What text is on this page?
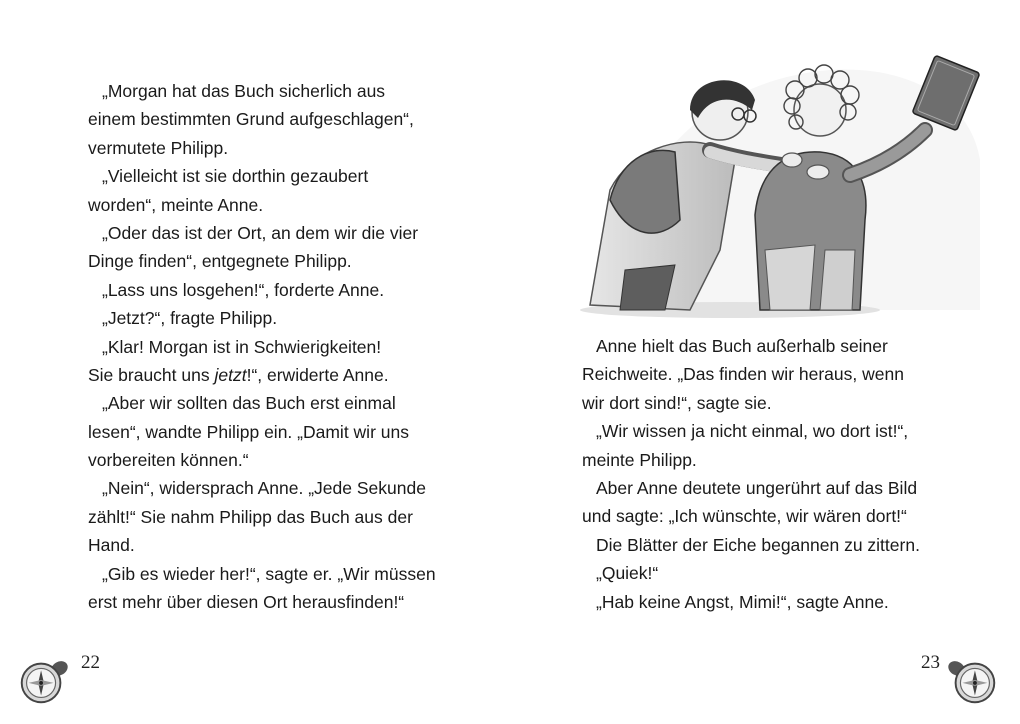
„Morgan hat das Buch sicherlich aus
einem bestimmten Grund aufgeschlagen“,
vermutete Philipp.
„Vielleicht ist sie dorthin gezaubert
worden“, meinte Anne.
„Oder das ist der Ort, an dem wir die vier
Dinge finden“, entgegnete Philipp.
„Lass uns losgehen!“, forderte Anne.
„Jetzt?“, fragte Philipp.
„Klar! Morgan ist in Schwierigkeiten!
Sie braucht uns jetzt!“, erwiderte Anne.
„Aber wir sollten das Buch erst einmal
lesen“, wandte Philipp ein. „Damit wir uns
vorbereiten können.“
„Nein“, widersprach Anne. „Jede Sekunde
zählt!“ Sie nahm Philipp das Buch aus der
Hand.
„Gib es wieder her!“, sagte er. „Wir müssen
erst mehr über diesen Ort herausfinden!“
22
Anne hielt das Buch außerhalb seiner
Reichweite. „Das finden wir heraus, wenn
wir dort sind!“, sagte sie.
„Wir wissen ja nicht einmal, wo dort ist!“,
meinte Philipp.
Aber Anne deutete ungerührt auf das Bild
und sagte: „Ich wünschte, wir wären dort!“
Die Blätter der Eiche begannen zu zittern.
„Quiek!“
„Hab keine Angst, Mimi!“, sagte Anne.
23
